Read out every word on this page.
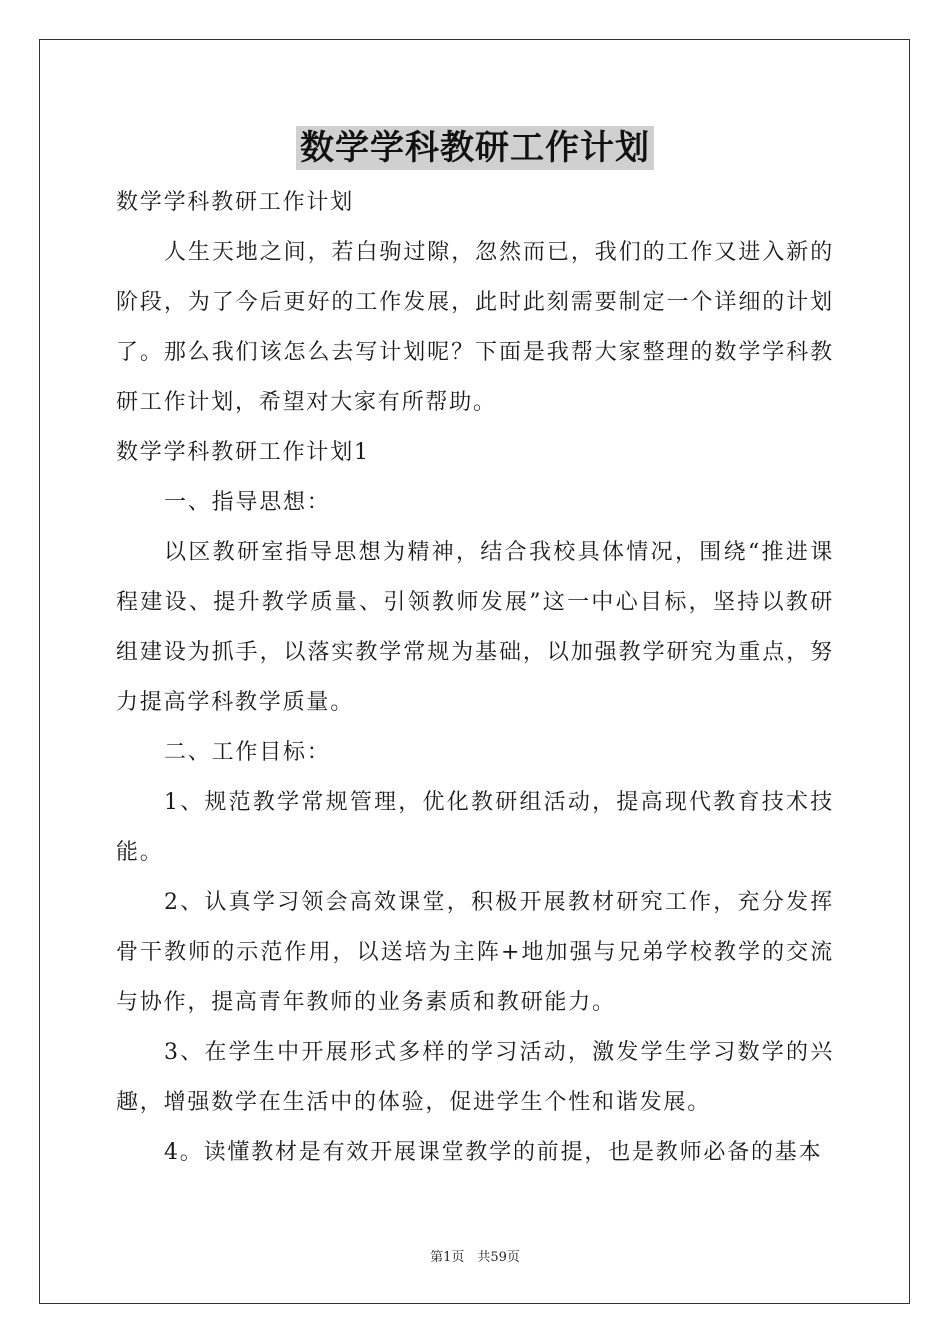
数学学科教研工作计划

数学学科教研工作计划

人生天地之间，若白驹过隙，忽然而已，我们的工作又进入新的阶段，为了今后更好的工作发展，此时此刻需要制定一个详细的计划了。那么我们该怎么去写计划呢？下面是我帮大家整理的数学学科教研工作计划，希望对大家有所帮助。

数学学科教研工作计划1

一、指导思想：

以区教研室指导思想为精神，结合我校具体情况，围绕“推进课程建设、提升教学质量、引领教师发展”这一中心目标，坚持以教研组建设为抓手，以落实教学常规为基础，以加强教学研究为重点，努力提高学科教学质量。

二、工作目标：

1、规范教学常规管理，优化教研组活动，提高现代教育技术技能。

2、认真学习领会高效课堂，积极开展教材研究工作，充分发挥骨干教师的示范作用，以送培为主阵+地加强与兄弟学校教学的交流与协作，提高青年教师的业务素质和教研能力。

3、在学生中开展形式多样的学习活动，激发学生学习数学的兴趣，增强数学在生活中的体验，促进学生个性和谐发展。

4。读懂教材是有效开展课堂教学的前提，也是教师必备的基本

第1页　共59页
